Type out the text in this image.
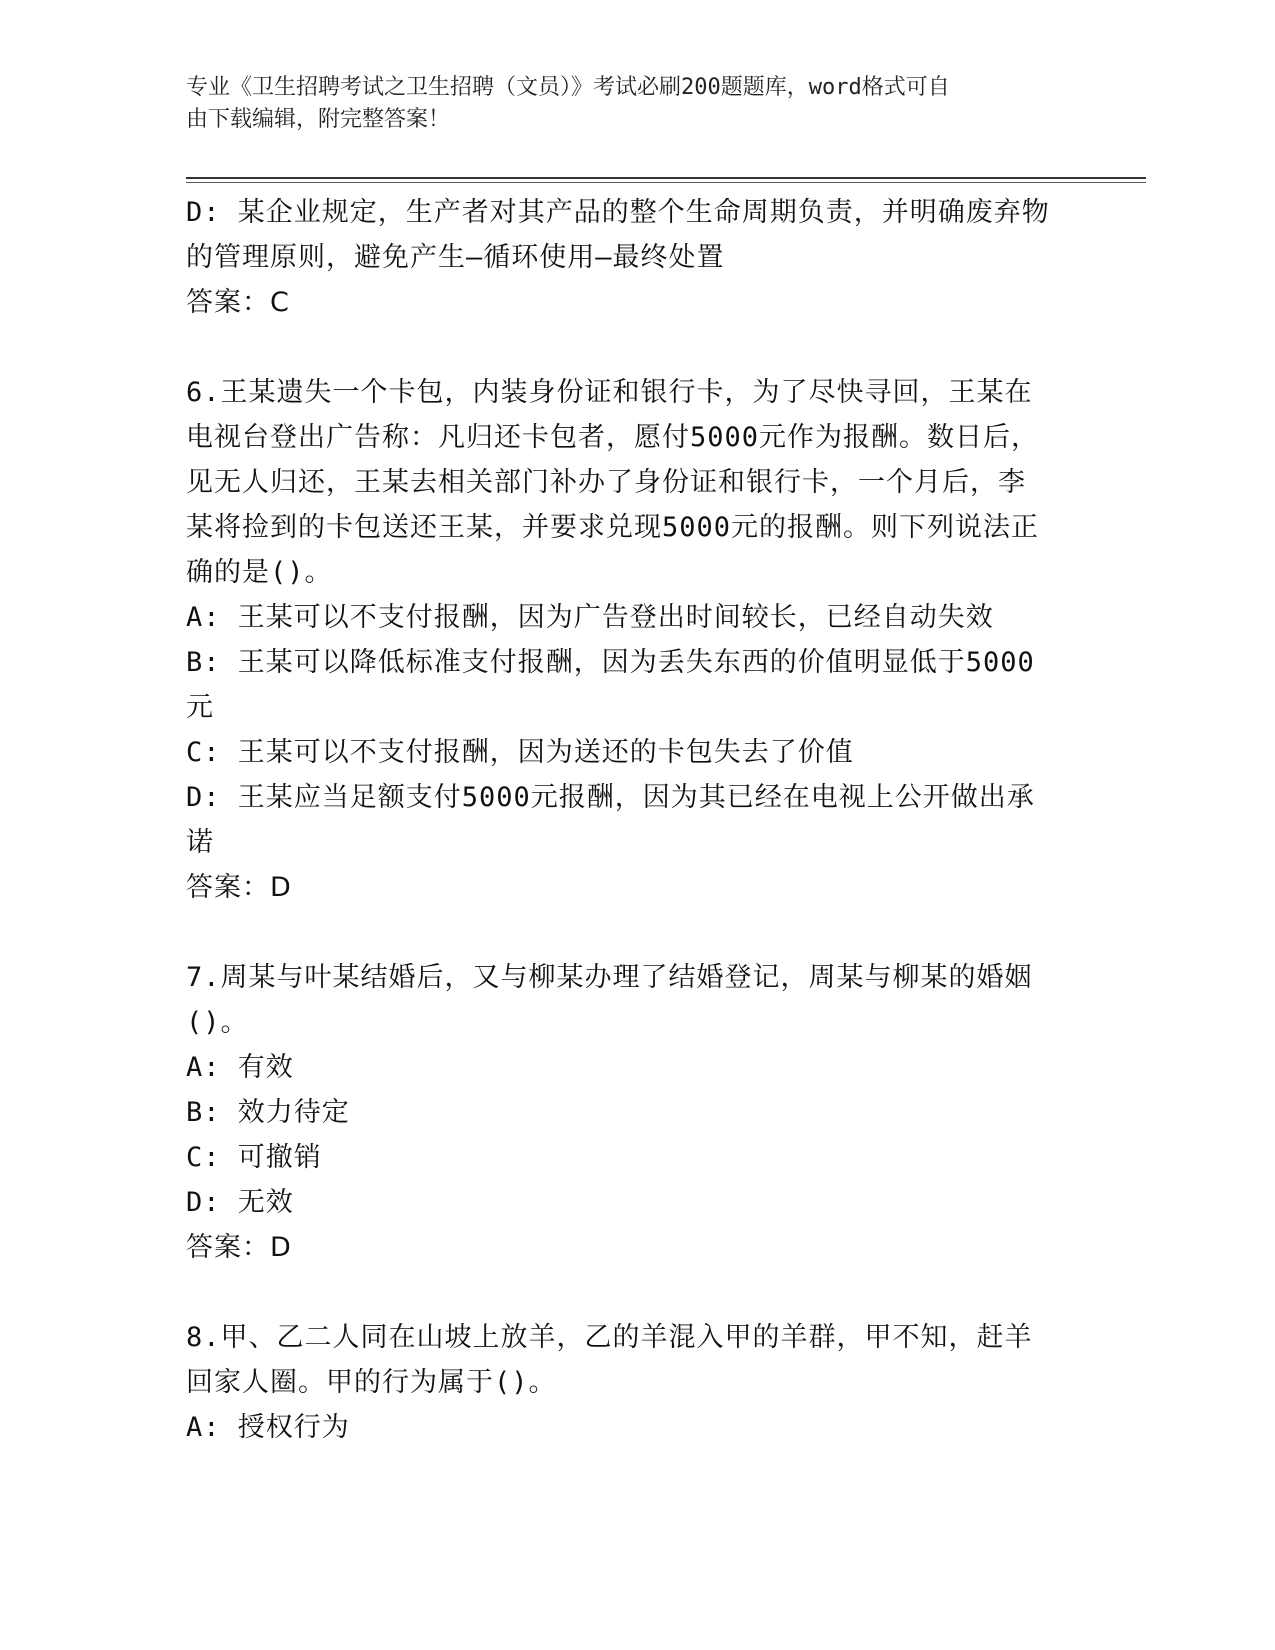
专业《卫生招聘考试之卫生招聘（文员）》考试必刷200题题库，word格式可自
由下载编辑，附完整答案！
D: 某企业规定，生产者对其产品的整个生命周期负责，并明确废弃物
的管理原则，避免产生—循环使用—最终处置
答案：C
6.王某遗失一个卡包，内装身份证和银行卡，为了尽快寻回，王某在
电视台登出广告称：凡归还卡包者，愿付5000元作为报酬。数日后，
见无人归还，王某去相关部门补办了身份证和银行卡，一个月后，李
某将捡到的卡包送还王某，并要求兑现5000元的报酬。则下列说法正
确的是()。
A: 王某可以不支付报酬，因为广告登出时间较长，已经自动失效
B: 王某可以降低标准支付报酬，因为丢失东西的价值明显低于5000
元
C: 王某可以不支付报酬，因为送还的卡包失去了价值
D: 王某应当足额支付5000元报酬，因为其已经在电视上公开做出承
诺
答案：D
7.周某与叶某结婚后，又与柳某办理了结婚登记，周某与柳某的婚姻
()。
A: 有效
B: 效力待定
C: 可撤销
D: 无效
答案：D
8.甲、乙二人同在山坡上放羊，乙的羊混入甲的羊群，甲不知，赶羊
回家人圈。甲的行为属于()。
A: 授权行为
